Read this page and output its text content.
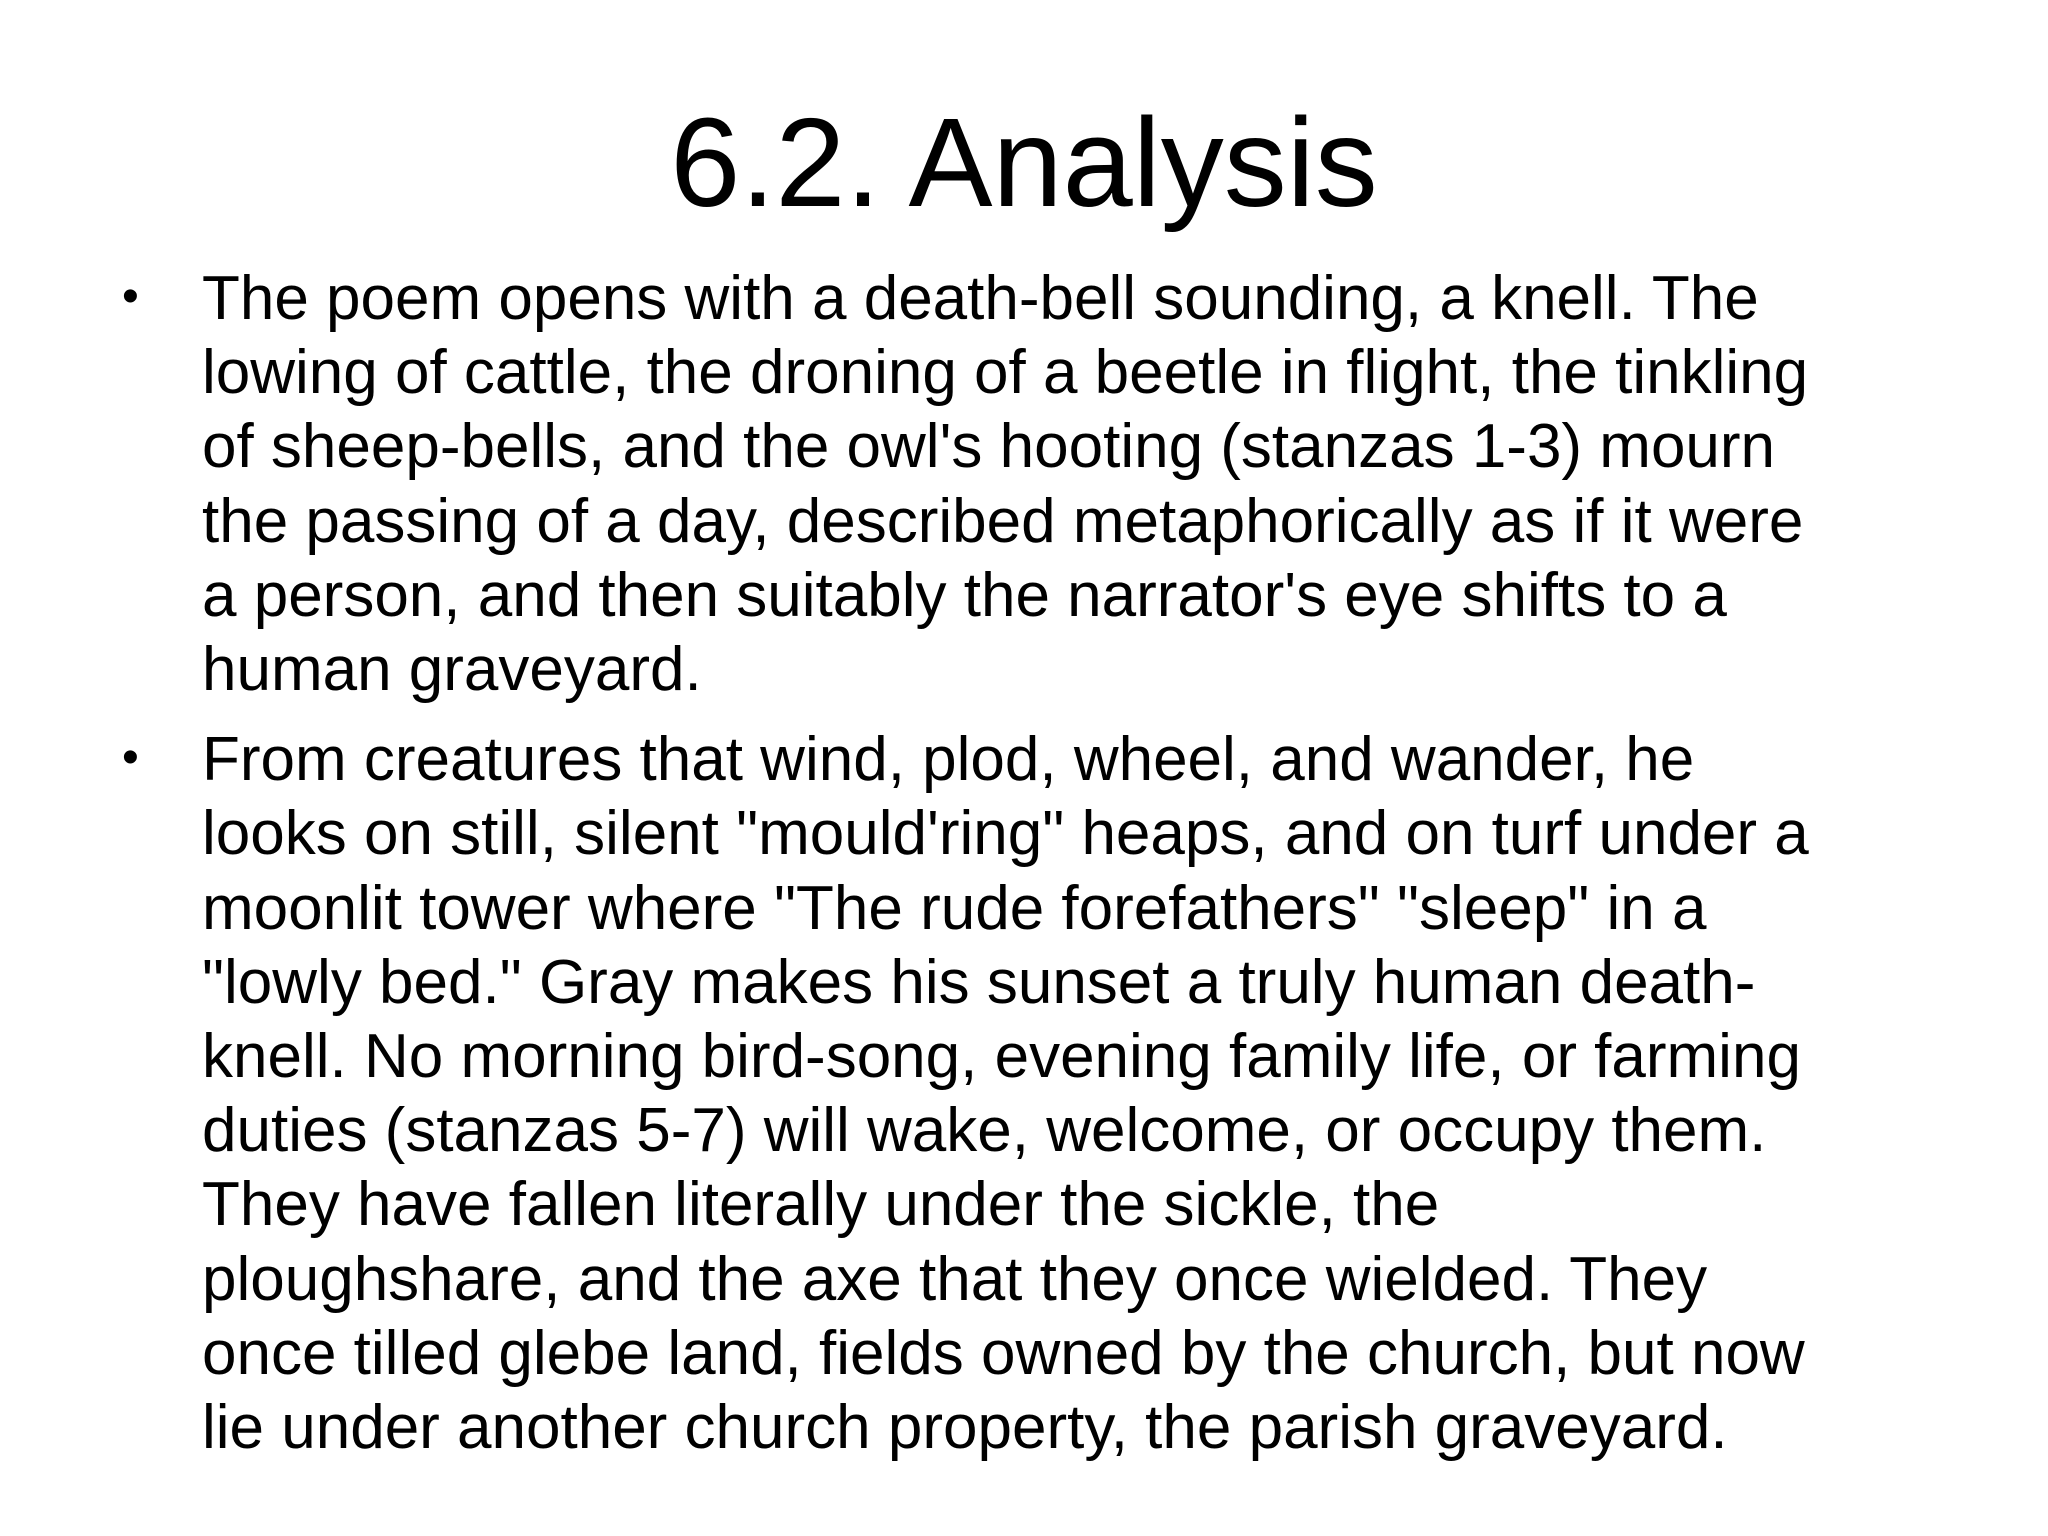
6.2. Analysis
• The poem opens with a death-bell sounding, a knell. The
lowing of cattle, the droning of a beetle in flight, the tinkling
of sheep-bells, and the owl's hooting (stanzas 1-3) mourn
the passing of a day, described metaphorically as if it were
a person, and then suitably the narrator's eye shifts to a
human graveyard.
• From creatures that wind, plod, wheel, and wander, he
looks on still, silent "mould'ring" heaps, and on turf under a
moonlit tower where "The rude forefathers" "sleep" in a
"lowly bed." Gray makes his sunset a truly human death-
knell. No morning bird-song, evening family life, or farming
duties (stanzas 5-7) will wake, welcome, or occupy them.
They have fallen literally under the sickle, the
ploughshare, and the axe that they once wielded. They
once tilled glebe land, fields owned by the church, but now
lie under another church property, the parish graveyard.
